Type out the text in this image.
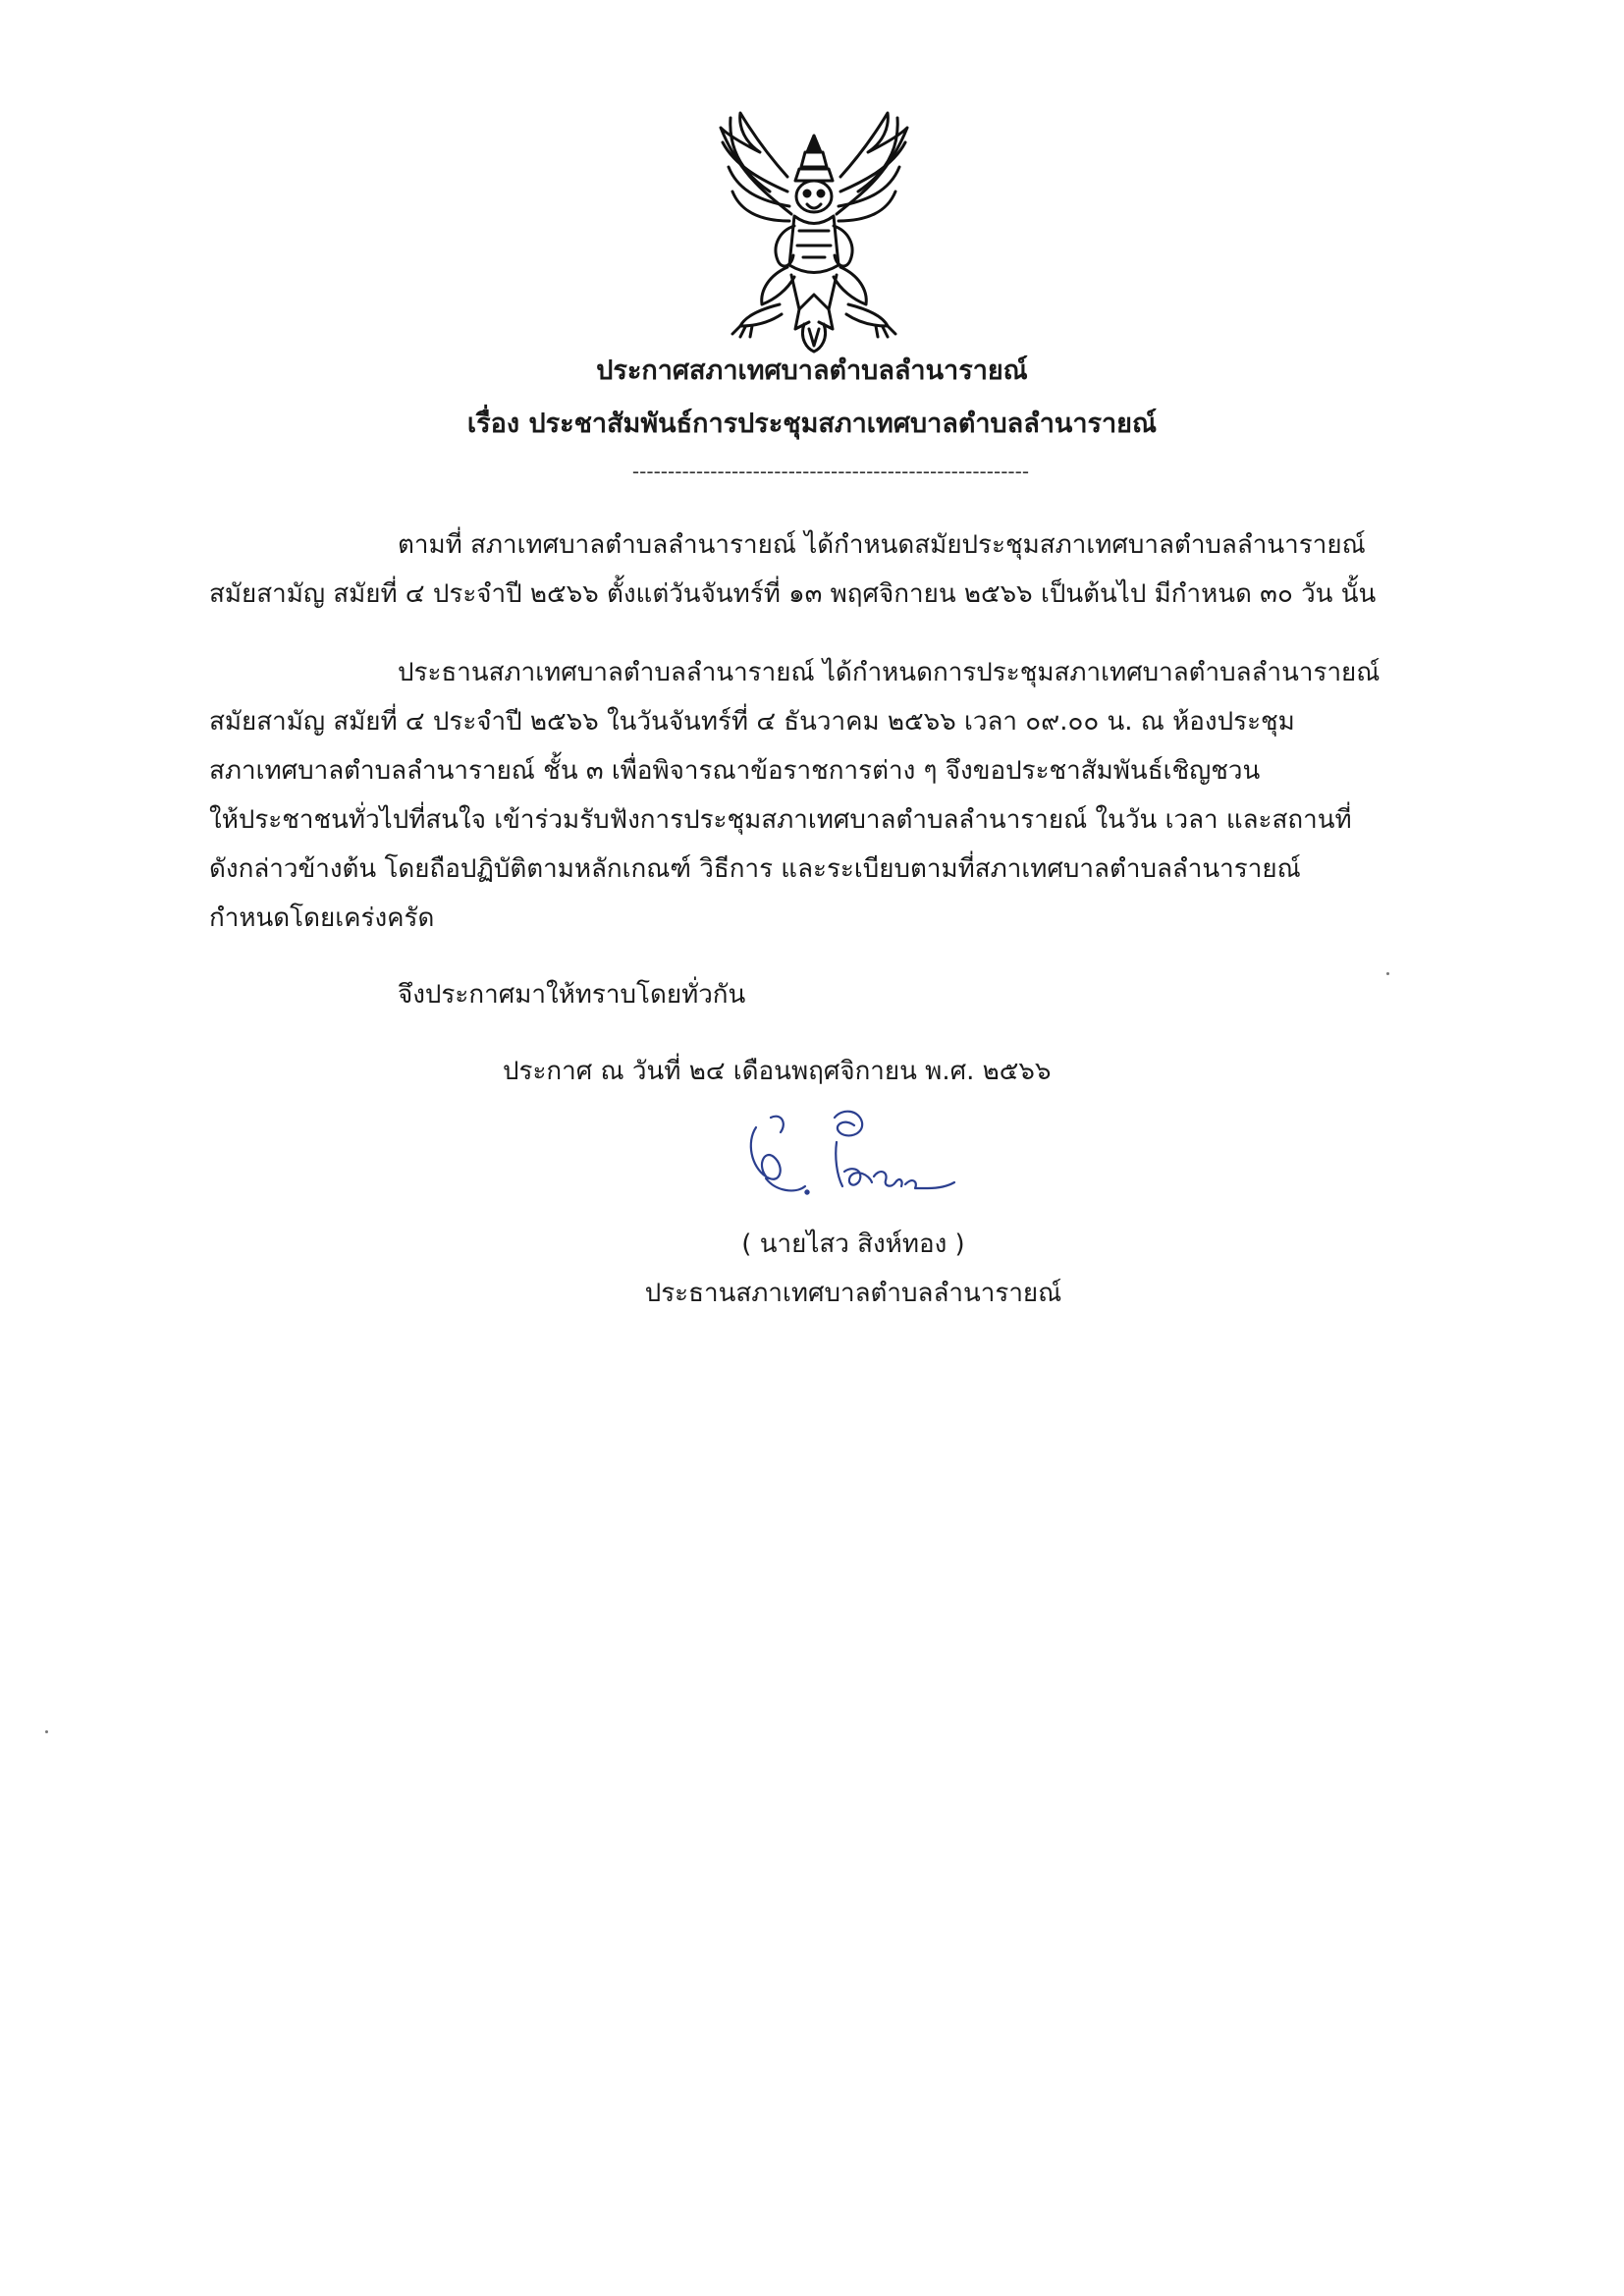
ประกาศสภาเทศบาลตำบลลำนารายณ์
เรื่อง ประชาสัมพันธ์การประชุมสภาเทศบาลตำบลลำนารายณ์
--------------------------------------------------------
ตามที่ สภาเทศบาลตำบลลำนารายณ์ ได้กำหนดสมัยประชุมสภาเทศบาลตำบลลำนารายณ์
สมัยสามัญ สมัยที่ ๔ ประจำปี ๒๕๖๖ ตั้งแต่วันจันทร์ที่ ๑๓ พฤศจิกายน ๒๕๖๖ เป็นต้นไป มีกำหนด ๓๐ วัน นั้น
ประธานสภาเทศบาลตำบลลำนารายณ์ ได้กำหนดการประชุมสภาเทศบาลตำบลลำนารายณ์
สมัยสามัญ สมัยที่ ๔ ประจำปี ๒๕๖๖ ในวันจันทร์ที่ ๔ ธันวาคม ๒๕๖๖ เวลา ๐๙.๐๐ น. ณ ห้องประชุม
สภาเทศบาลตำบลลำนารายณ์ ชั้น ๓ เพื่อพิจารณาข้อราชการต่าง ๆ จึงขอประชาสัมพันธ์เชิญชวน
ให้ประชาชนทั่วไปที่สนใจ เข้าร่วมรับฟังการประชุมสภาเทศบาลตำบลลำนารายณ์ ในวัน เวลา และสถานที่
ดังกล่าวข้างต้น โดยถือปฏิบัติตามหลักเกณฑ์ วิธีการ และระเบียบตามที่สภาเทศบาลตำบลลำนารายณ์
กำหนดโดยเคร่งครัด
จึงประกาศมาให้ทราบโดยทั่วกัน
ประกาศ ณ วันที่ ๒๔ เดือนพฤศจิกายน พ.ศ. ๒๕๖๖
( นายไสว สิงห์ทอง )
ประธานสภาเทศบาลตำบลลำนารายณ์
